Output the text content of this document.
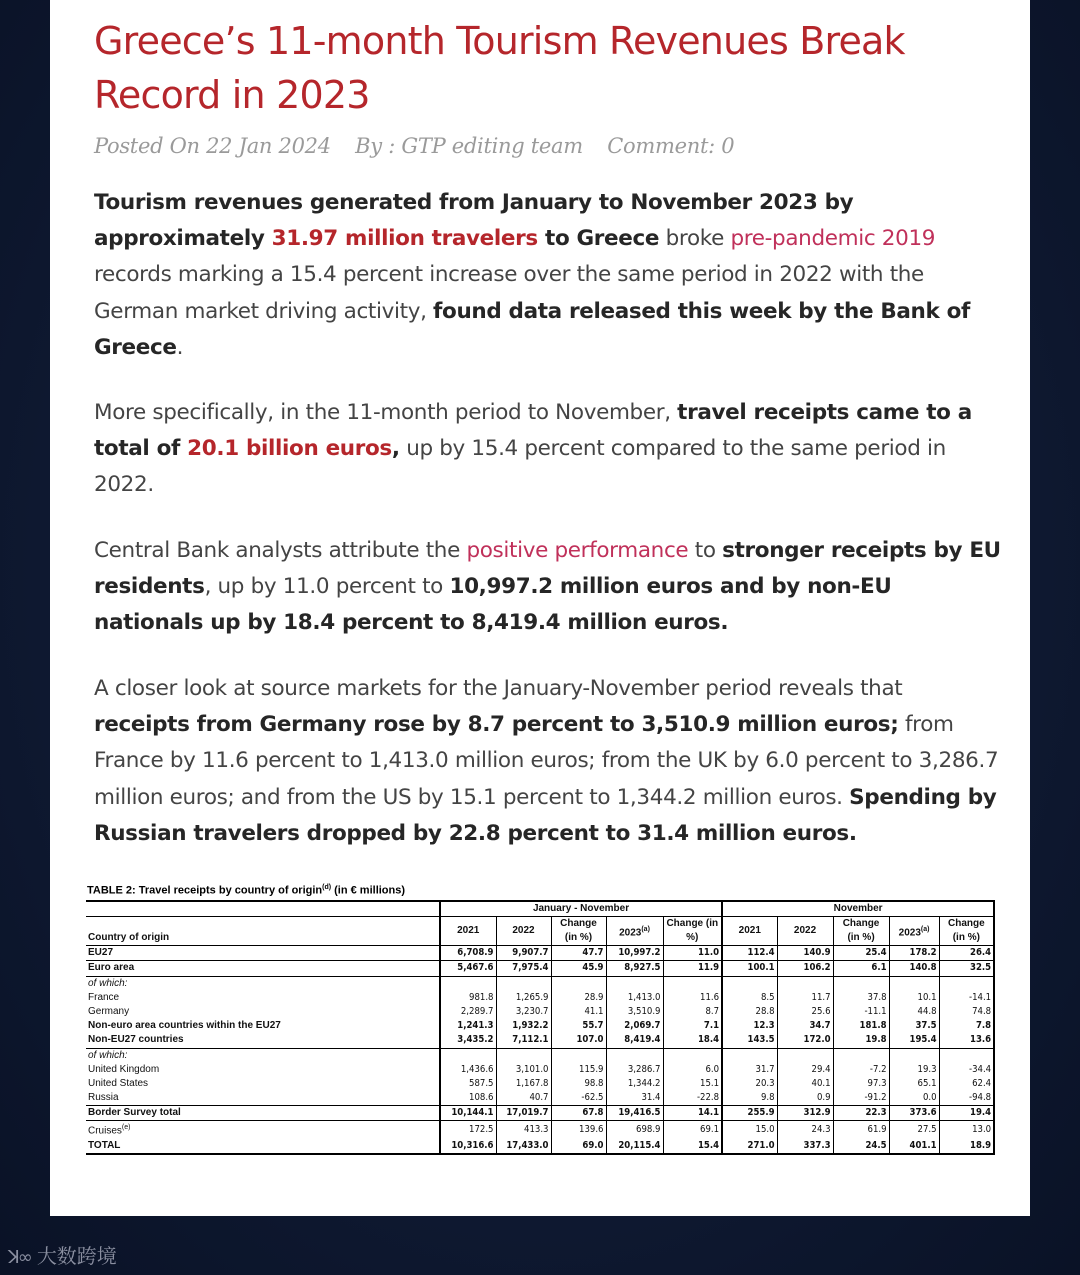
Greece’s 11-month Tourism Revenues Break Record in 2023
Posted On 22 Jan 2024 By : GTP editing team Comment: 0

Tourism revenues generated from January to November 2023 by approximately 31.97 million travelers to Greece broke pre-pandemic 2019 records marking a 15.4 percent increase over the same period in 2022 with the German market driving activity, found data released this week by the Bank of Greece.

More specifically, in the 11-month period to November, travel receipts came to a total of 20.1 billion euros, up by 15.4 percent compared to the same period in 2022.

Central Bank analysts attribute the positive performance to stronger receipts by EU residents, up by 11.0 percent to 10,997.2 million euros and by non-EU nationals up by 18.4 percent to 8,419.4 million euros.

A closer look at source markets for the January-November period reveals that receipts from Germany rose by 8.7 percent to 3,510.9 million euros; from France by 11.6 percent to 1,413.0 million euros; from the UK by 6.0 percent to 3,286.7 million euros; and from the US by 15.1 percent to 1,344.2 million euros. Spending by Russian travelers dropped by 22.8 percent to 31.4 million euros.

TABLE 2: Travel receipts by country of origin$^{(d)}$ (in € millions)
	January - November					November				
Country of origin	2021	2022	Change (in %)	2023$^{(a)}$	Change (in %)	2021	2022	Change (in %)	2023$^{(a)}$	Change (in %)
EU27	6,708.9	9,907.7	47.7	10,997.2	11.0	112.4	140.9	25.4	178.2	26.4
Euro area	5,467.6	7,975.4	45.9	8,927.5	11.9	100.1	106.2	6.1	140.8	32.5
of which:										
France	981.8	1,265.9	28.9	1,413.0	11.6	8.5	11.7	37.8	10.1	-14.1
Germany	2,289.7	3,230.7	41.1	3,510.9	8.7	28.8	25.6	-11.1	44.8	74.8
Non-euro area countries within the EU27	1,241.3	1,932.2	55.7	2,069.7	7.1	12.3	34.7	181.8	37.5	7.8
Non-EU27 countries	3,435.2	7,112.1	107.0	8,419.4	18.4	143.5	172.0	19.8	195.4	13.6
of which:										
United Kingdom	1,436.6	3,101.0	115.9	3,286.7	6.0	31.7	29.4	-7.2	19.3	-34.4
United States	587.5	1,167.8	98.8	1,344.2	15.1	20.3	40.1	97.3	65.1	62.4
Russia	108.6	40.7	-62.5	31.4	-22.8	9.8	0.9	-91.2	0.0	-94.8
Border Survey total	10,144.1	17,019.7	67.8	19,416.5	14.1	255.9	312.9	22.3	373.6	19.4
Cruises$^{(e)}$	172.5	413.3	139.6	698.9	69.1	15.0	24.3	61.9	27.5	13.0
TOTAL	10,316.6	17,433.0	69.0	20,115.4	15.4	271.0	337.3	24.5	401.1	18.9
ꓘ∞ 大数跨境
